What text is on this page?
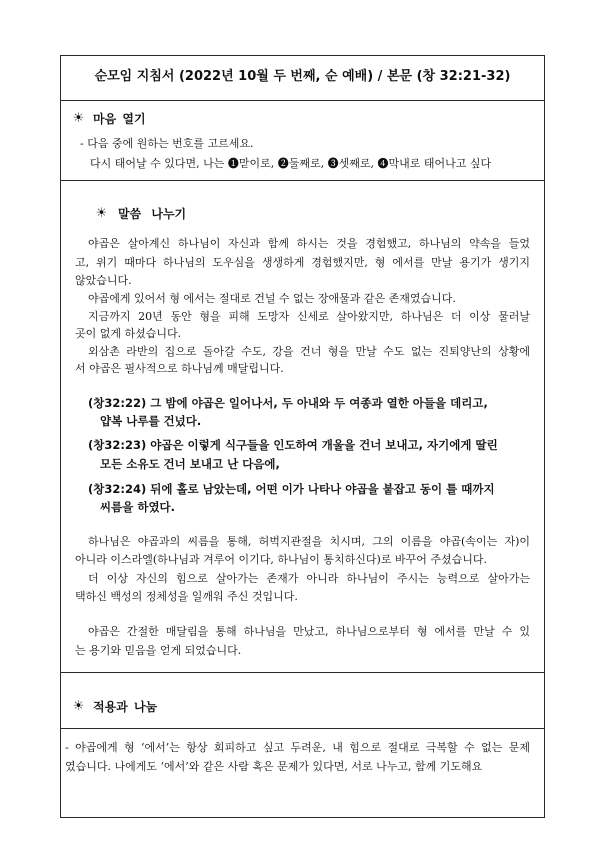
순모임 지침서 (2022년 10월 두 번째, 순 예배) / 본문 (창 32:21-32)
☀
마음 열기
- 다음 중에 원하는 번호를 고르세요.
다시 태어날 수 있다면, 나는 ❶맏이로, ❷둘째로, ❸셋째로, ❹막내로 태어나고 싶다
☀
말씀 나누기
야곱은 살아계신 하나님이 자신과 함께 하시는 것을 경험했고, 하나님의 약속을 들었
고, 위기 때마다 하나님의 도우심을 생생하게 경험했지만, 형 에서를 만날 용기가 생기지
않았습니다.
야곱에게 있어서 형 에서는 절대로 건널 수 없는 장애물과 같은 존재였습니다.
지금까지 20년 동안 형을 피해 도망자 신세로 살아왔지만, 하나님은 더 이상 물러날
곳이 없게 하셨습니다.
외삼촌 라반의 집으로 돌아갈 수도, 강을 건너 형을 만날 수도 없는 진퇴양난의 상황에
서 야곱은 필사적으로 하나님께 매달립니다.
(창32:22) 그 밤에 야곱은 일어나서, 두 아내와 두 여종과 열한 아들을 데리고,
얍복 나루를 건넜다.
(창32:23) 야곱은 이렇게 식구들을 인도하여 개울을 건너 보내고, 자기에게 딸린
모든 소유도 건너 보내고 난 다음에,
(창32:24) 뒤에 홀로 남았는데, 어떤 이가 나타나 야곱을 붙잡고 동이 틀 때까지
씨름을 하였다.
하나님은 야곱과의 씨름을 통해, 허벅지관절을 치시며, 그의 이름을 야곱(속이는 자)이
아니라 이스라엘(하나님과 겨루어 이기다, 하나님이 통치하신다)로 바꾸어 주셨습니다.
더 이상 자신의 힘으로 살아가는 존재가 아니라 하나님이 주시는 능력으로 살아가는
택하신 백성의 정체성을 일깨워 주신 것입니다.
야곱은 간절한 매달림을 통해 하나님을 만났고, 하나님으로부터 형 에서를 만날 수 있
는 용기와 믿음을 얻게 되었습니다.
☀
적용과 나눔
- 야곱에게 형 ‘에서’는 항상 회피하고 싶고 두려운, 내 힘으로 절대로 극복할 수 없는 문제
였습니다. 나에게도 ‘에서’와 같은 사람 혹은 문제가 있다면, 서로 나누고, 함께 기도해요
